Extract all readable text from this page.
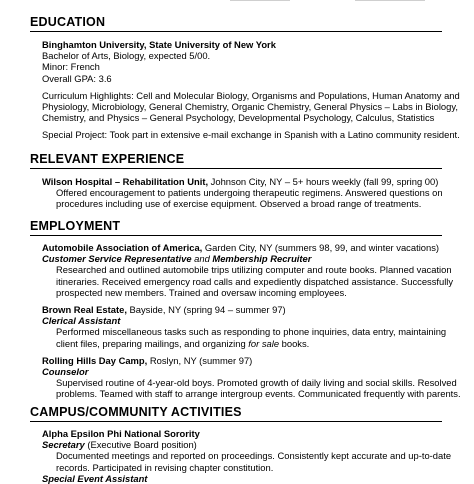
EDUCATION
Binghamton University, State University of New York
Bachelor of Arts, Biology, expected 5/00.
Minor: French
Overall GPA: 3.6
Curriculum Highlights: Cell and Molecular Biology, Organisms and Populations, Human Anatomy and
Physiology, Microbiology, General Chemistry, Organic Chemistry, General Physics – Labs in Biology,
Chemistry, and Physics – General Psychology, Developmental Psychology, Calculus, Statistics
Special Project: Took part in extensive e-mail exchange in Spanish with a Latino community resident.
RELEVANT EXPERIENCE
Wilson Hospital – Rehabilitation Unit, Johnson City, NY – 5+ hours weekly (fall 99, spring 00)
Offered encouragement to patients undergoing therapeutic regimens. Answered questions on
procedures including use of exercise equipment. Observed a broad range of treatments.
EMPLOYMENT
Automobile Association of America, Garden City, NY (summers 98, 99, and winter vacations)
Customer Service Representative and Membership Recruiter
Researched and outlined automobile trips utilizing computer and route books. Planned vacation
itineraries. Received emergency road calls and expediently dispatched assistance. Successfully
prospected new members. Trained and oversaw incoming employees.
Brown Real Estate, Bayside, NY (spring 94 – summer 97)
Clerical Assistant
Performed miscellaneous tasks such as responding to phone inquiries, data entry, maintaining
client files, preparing mailings, and organizing for sale books.
Rolling Hills Day Camp, Roslyn, NY (summer 97)
Counselor
Supervised routine of 4-year-old boys. Promoted growth of daily living and social skills. Resolved
problems. Teamed with staff to arrange intergroup events. Communicated frequently with parents.
CAMPUS/COMMUNITY ACTIVITIES
Alpha Epsilon Phi National Sorority
Secretary (Executive Board position)
Documented meetings and reported on proceedings. Consistently kept accurate and up-to-date
records. Participated in revising chapter constitution.
Special Event Assistant
